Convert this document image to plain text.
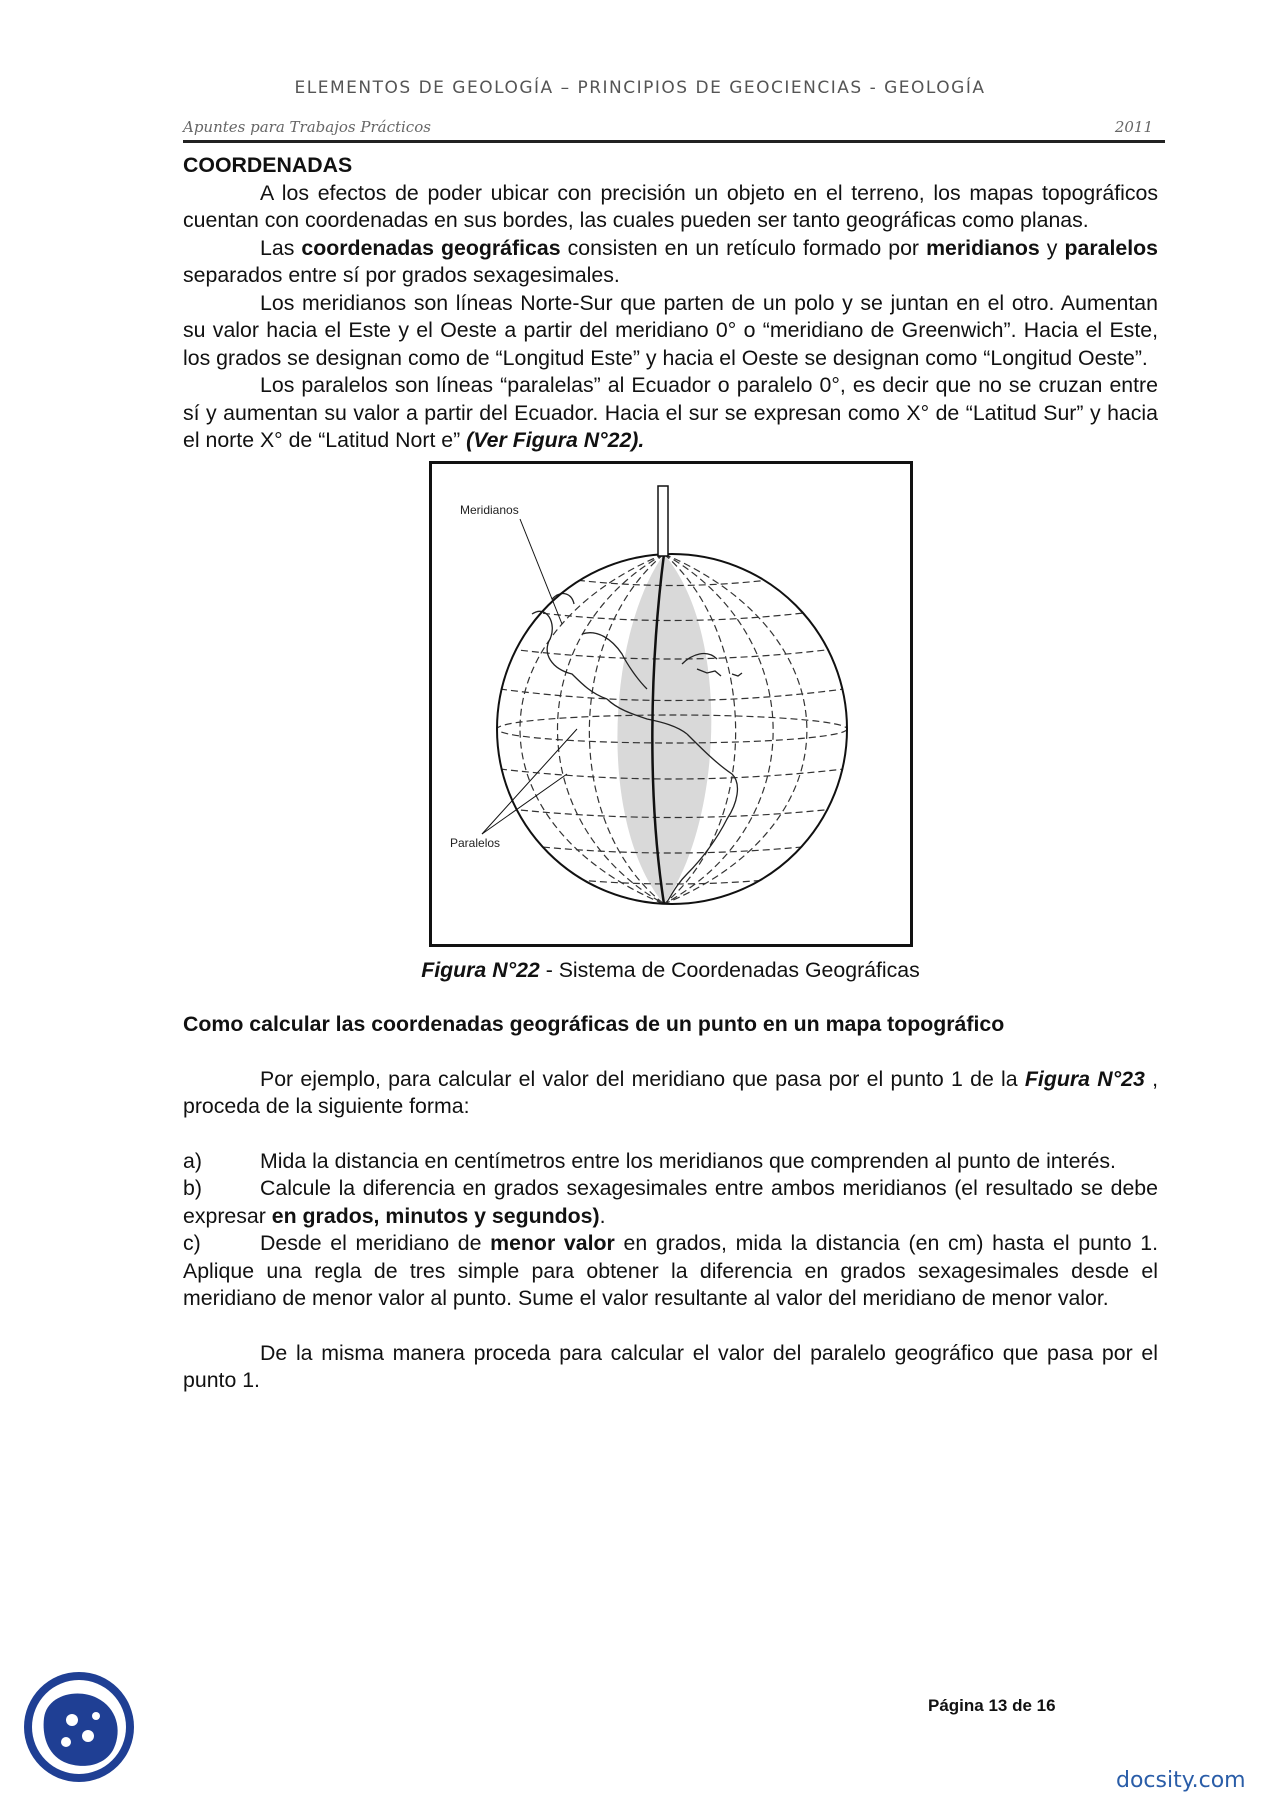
ELEMENTOS DE GEOLOGÍA – PRINCIPIOS DE GEOCIENCIAS - GEOLOGÍA
Apuntes para Trabajos Prácticos	2011

COORDENADAS

A los efectos de poder ubicar con precisión un objeto en el terreno, los mapas topográficos cuentan con coordenadas en sus bordes, las cuales pueden ser tanto geográficas como planas.

Las coordenadas geográficas consisten en un retículo formado por meridianos y paralelos separados entre sí por grados sexagesimales.

Los meridianos son líneas Norte-Sur que parten de un polo y se juntan en el otro. Aumentan su valor hacia el Este y el Oeste a partir del meridiano 0° o “meridiano de Greenwich”. Hacia el Este, los grados se designan como de “Longitud Este” y hacia el Oeste se designan como “Longitud Oeste”.

Los paralelos son líneas “paralelas” al Ecuador o paralelo 0°, es decir que no se cruzan entre sí y aumentan su valor a partir del Ecuador. Hacia el sur se expresan como X° de “Latitud Sur” y hacia el norte X° de “Latitud Nort e” (Ver Figura N°22).

Meridianos
Paralelos

Figura N°22 - Sistema de Coordenadas Geográficas

Como calcular las coordenadas geográficas de un punto en un mapa topográfico

Por ejemplo, para calcular el valor del meridiano que pasa por el punto 1 de la Figura N°23 , proceda de la siguiente forma:

a)	Mida la distancia en centímetros entre los meridianos que comprenden al punto de interés.

b)	Calcule la diferencia en grados sexagesimales entre ambos meridianos (el resultado se debe expresar en grados, minutos y segundos).

c)	Desde el meridiano de menor valor en grados, mida la distancia (en cm) hasta el punto 1. Aplique una regla de tres simple para obtener la diferencia en grados sexagesimales desde el meridiano de menor valor al punto. Sume el valor resultante al valor del meridiano de menor valor.

De la misma manera proceda para calcular el valor del paralelo geográfico que pasa por el punto 1.

Página 13 de 16
docsity.com
